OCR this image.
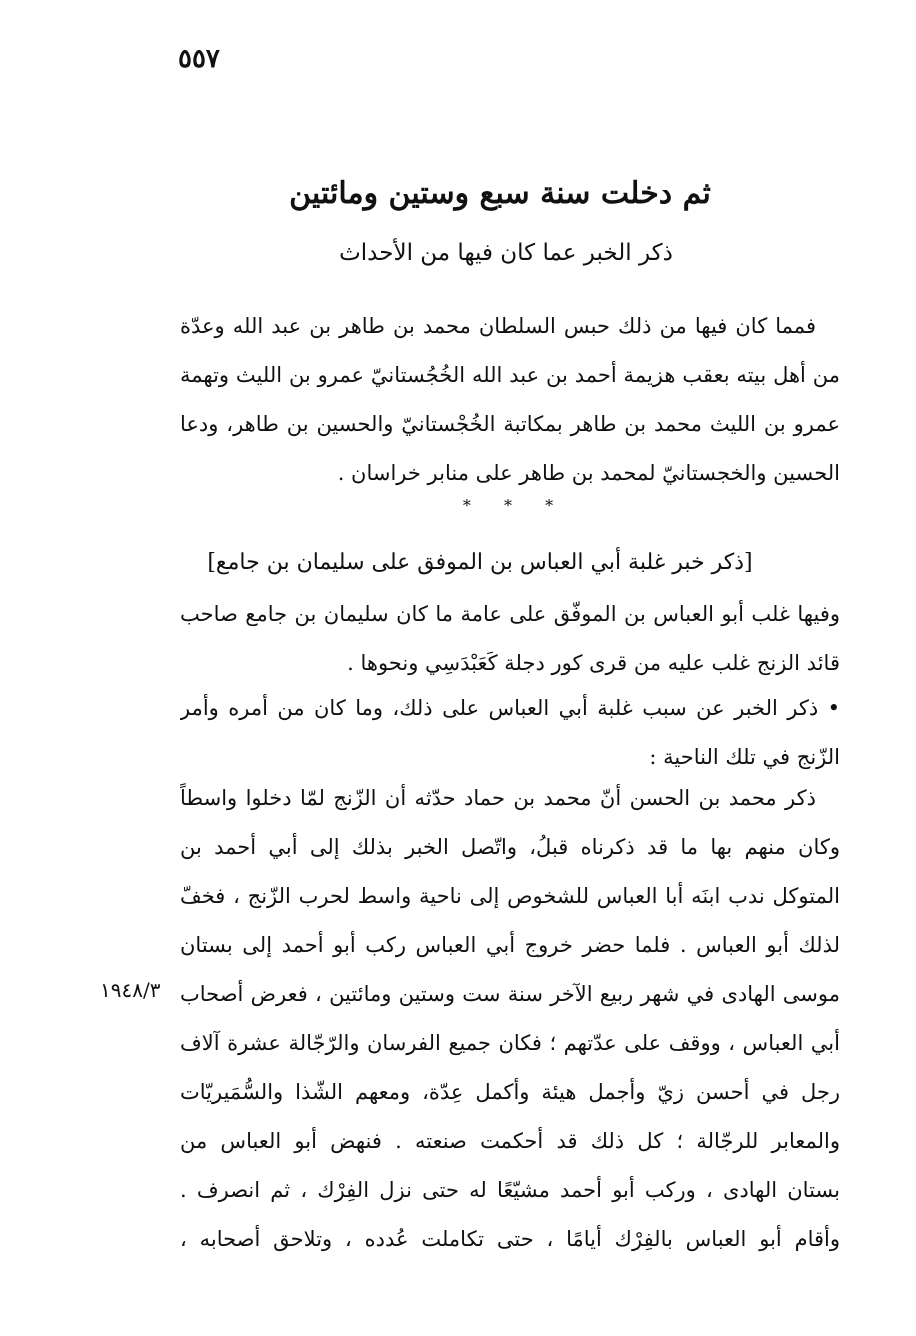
٥٥٧
ثم دخلت سنة سبع وستين ومائتين
ذكر الخبر عما كان فيها من الأحداث
فمما كان فيها من ذلك حبس السلطان محمد بن طاهر بن عبد الله وعدّة
من أهل بيته بعقب هزيمة أحمد بن عبد الله الخُجُستانيّ عمرو بن الليث وتهمة
عمرو بن الليث محمد بن طاهر بمكاتبة الخُجْستانيّ والحسين بن طاهر، ودعا
الحسين والخجستانيّ لمحمد بن طاهر على منابر خراسان .
* * *
[ذكر خبر غلبة أبي العباس بن الموفق على سليمان بن جامع]
وفيها غلب أبو العباس بن الموفّق على عامة ما كان سليمان بن جامع صاحب
قائد الزنج غلب عليه من قرى كور دجلة كَعَبْدَسِي ونحوها .
• ذكر الخبر عن سبب غلبة أبي العباس على ذلك، وما كان من أمره وأمر
الزّنج في تلك الناحية :
ذكر محمد بن الحسن أنّ محمد بن حماد حدّثه أن الزّنج لمّا دخلوا واسطاً
وكان منهم بها ما قد ذكرناه قبلُ، واتّصل الخبر بذلك إلى أبي أحمد بن
المتوكل ندب ابنَه أبا العباس للشخوص إلى ناحية واسط لحرب الزّنج ، فخفّ
لذلك أبو العباس . فلما حضر خروج أبي العباس ركب أبو أحمد إلى بستان
موسى الهادى في شهر ربيع الآخر سنة ست وستين ومائتين ، فعرض أصحاب
أبي العباس ، ووقف على عدّتهم ؛ فكان جميع الفرسان والرّجّالة عشرة آلاف
رجل في أحسن زيّ وأجمل هيئة وأكمل عِدّة، ومعهم الشّذا والسُّمَيريّات
والمعابر للرجّالة ؛ كل ذلك قد أحكمت صنعته . فنهض أبو العباس من
بستان الهادى ، وركب أبو أحمد مشيّعًا له حتى نزل الفِرْك ، ثم انصرف .
وأقام أبو العباس بالفِرْك أيامًا ، حتى تكاملت عُدده ، وتلاحق أصحابه ،
١٩٤٨/٣
